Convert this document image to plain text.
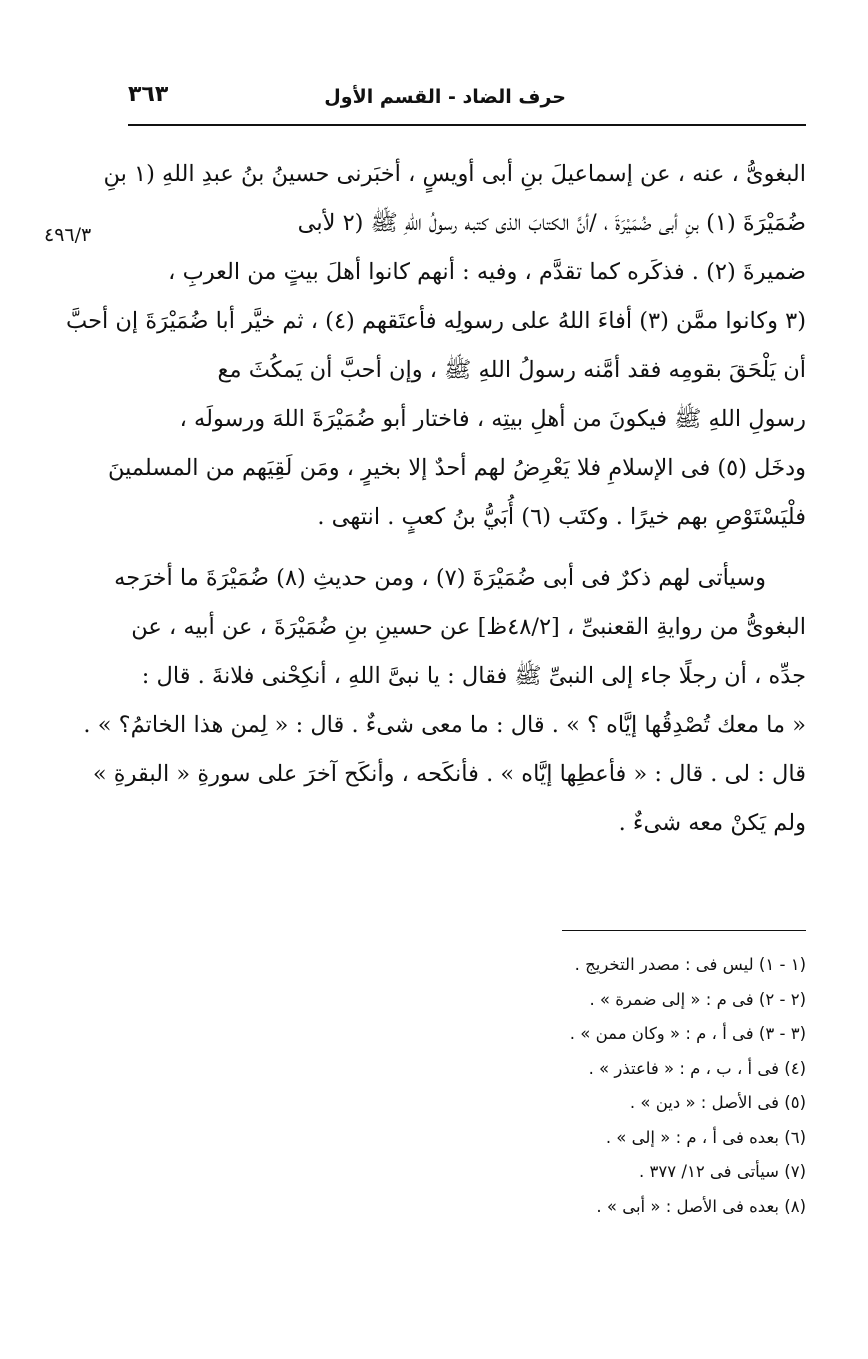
حرف الضاد - القسم الأول
٣٦٣
٤٩٦/٣
البغوىُّ ، عنه ، عن إسماعيلَ بنِ أبى أويسٍ ، أخبَرنى حسينُ بنُ عبدِ اللهِ (١ بنِ
ضُمَيْرَةَ (١) بنِ أبى ضُمَيْرَةَ ، /أنَّ الكتابَ الذى كتبه رسولُ اللهِ ﷺ (٢ لأبى
ضميرةَ (٢) . فذكَره كما تقدَّم ، وفيه : أنهم كانوا أهلَ بيتٍ من العربِ ،
(٣ وكانوا ممَّن (٣) أفاءَ اللهُ على رسولِه فأعتَقهم (٤) ، ثم خيَّر أبا ضُمَيْرَةَ إن أحبَّ
أن يَلْحَقَ بقومِه فقد أمَّنه رسولُ اللهِ ﷺ ، وإن أحبَّ أن يَمكُثَ مع
رسولِ اللهِ ﷺ فيكونَ من أهلِ بيتِه ، فاختار أبو ضُمَيْرَةَ اللهَ ورسولَه ،
ودخَل (٥) فى الإسلامِ فلا يَعْرِضُ لهم أحدٌ إلا بخيرٍ ، ومَن لَقِيَهم من المسلمينَ
فلْيَسْتَوْصِ بهم خيرًا . وكتَب (٦) أُبَيُّ بنُ كعبٍ . انتهى .
وسيأتى لهم ذكرٌ فى أبى ضُمَيْرَةَ (٧) ، ومن حديثِ (٨) ضُمَيْرَةَ ما أخرَجه
البغوىُّ من روايةِ القعنبىِّ ، [٤٨/٢ظ] عن حسينِ بنِ ضُمَيْرَةَ ، عن أبيه ، عن
جدِّه ، أن رجلًا جاء إلى النبىِّ ﷺ فقال : يا نبىَّ اللهِ ، أنكِحْنى فلانةَ . قال :
« ما معك تُصْدِقُها إيَّاه ؟ » . قال : ما معى شىءٌ . قال : « لِمن هذا الخاتمُ؟ » .
قال : لى . قال : « فأعطِها إيَّاه » . فأنكَحه ، وأنكَح آخرَ على سورةِ « البقرةِ »
ولم يَكنْ معه شىءٌ .
(١ - ١) ليس فى : مصدر التخريج .
(٢ - ٢) فى م : « إلى ضمرة » .
(٣ - ٣) فى أ ، م : « وكان ممن » .
(٤) فى أ ، ب ، م : « فاعتذر » .
(٥) فى الأصل : « دين » .
(٦) بعده فى أ ، م : « إلى » .
(٧) سيأتى فى ١٢/ ٣٧٧ .
(٨) بعده فى الأصل : « أبى » .
